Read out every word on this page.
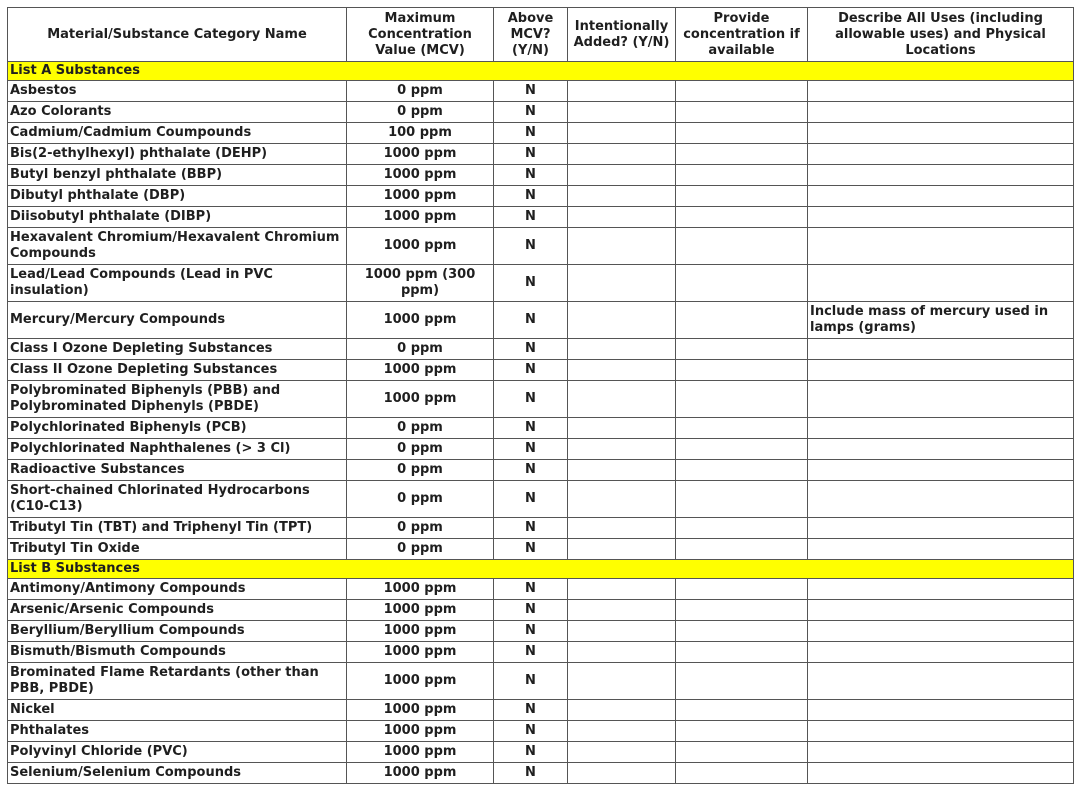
Material/Substance Category Name	Maximum Concentration Value (MCV)	Above MCV? (Y/N)	Intentionally Added? (Y/N)	Provide concentration if available	Describe All Uses (including allowable uses) and Physical Locations
List A Substances					
Asbestos	0 ppm	N			
Azo Colorants	0 ppm	N			
Cadmium/Cadmium Coumpounds	100 ppm	N			
Bis(2-ethylhexyl) phthalate (DEHP)	1000 ppm	N			
Butyl benzyl phthalate (BBP)	1000 ppm	N			
Dibutyl phthalate (DBP)	1000 ppm	N			
Diisobutyl phthalate (DIBP)	1000 ppm	N			
Hexavalent Chromium/Hexavalent Chromium Compounds	1000 ppm	N			
Lead/Lead Compounds (Lead in PVC insulation)	1000 ppm (300 ppm)	N			
Mercury/Mercury Compounds	1000 ppm	N			Include mass of mercury used in lamps (grams)
Class I Ozone Depleting Substances	0 ppm	N			
Class II Ozone Depleting Substances	1000 ppm	N			
Polybrominated Biphenyls (PBB) and Polybrominated Diphenyls (PBDE)	1000 ppm	N			
Polychlorinated Biphenyls (PCB)	0 ppm	N			
Polychlorinated Naphthalenes (> 3 Cl)	0 ppm	N			
Radioactive Substances	0 ppm	N			
Short-chained Chlorinated Hydrocarbons (C10-C13)	0 ppm	N			
Tributyl Tin (TBT) and Triphenyl Tin (TPT)	0 ppm	N			
Tributyl Tin Oxide	0 ppm	N			
List B Substances					
Antimony/Antimony Compounds	1000 ppm	N			
Arsenic/Arsenic Compounds	1000 ppm	N			
Beryllium/Beryllium Compounds	1000 ppm	N			
Bismuth/Bismuth Compounds	1000 ppm	N			
Brominated Flame Retardants (other than PBB, PBDE)	1000 ppm	N			
Nickel	1000 ppm	N			
Phthalates	1000 ppm	N			
Polyvinyl Chloride (PVC)	1000 ppm	N			
Selenium/Selenium Compounds	1000 ppm	N			
